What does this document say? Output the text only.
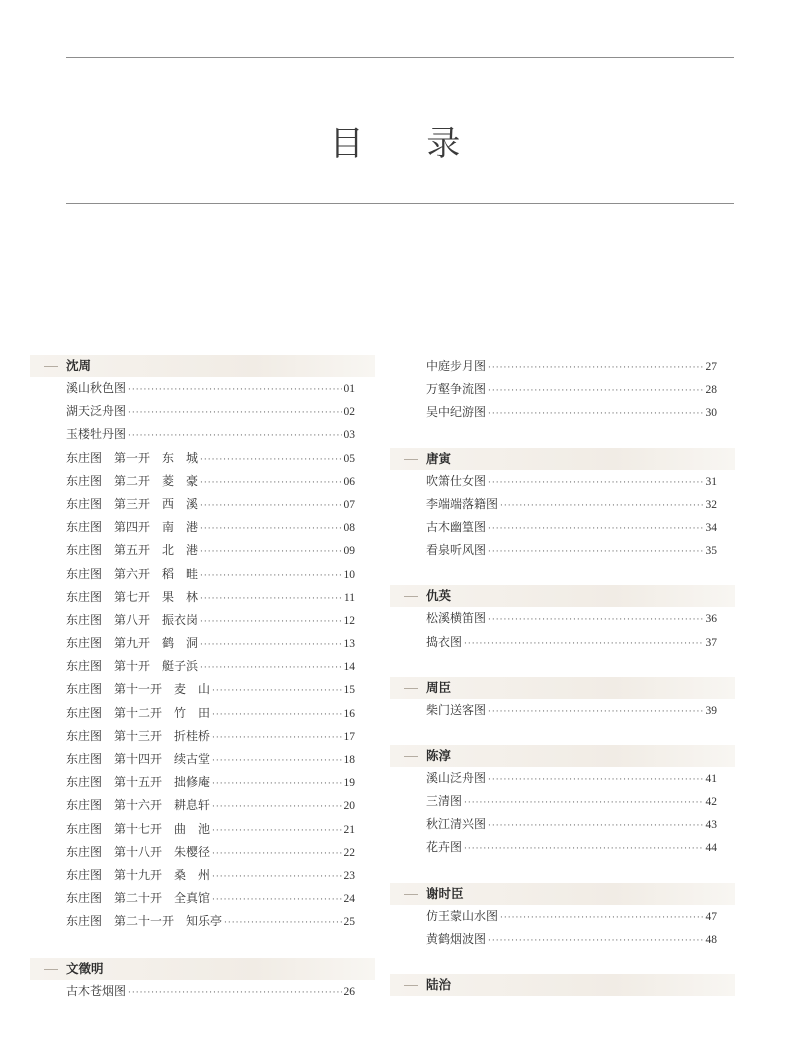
目 录
沈周
溪山秋色图 ·····	01
湖天泛舟图 ·····	02
玉楼牡丹图 ·····	03
东庄图　第一开　东　城 ·····	05
东庄图　第二开　菱　豪 ·····	06
东庄图　第三开　西　溪 ·····	07
东庄图　第四开　南　港 ·····	08
东庄图　第五开　北　港 ·····	09
东庄图　第六开　稻　畦 ·····	10
东庄图　第七开　果　林 ·····	11
东庄图　第八开　振衣岗 ·····	12
东庄图　第九开　鹤　洞 ·····	13
东庄图　第十开　艇子浜 ·····	14
东庄图　第十一开　麦　山 ·····	15
东庄图　第十二开　竹　田 ·····	16
东庄图　第十三开　折桂桥 ·····	17
东庄图　第十四开　续古堂 ·····	18
东庄图　第十五开　拙修庵 ·····	19
东庄图　第十六开　耕息轩 ·····	20
东庄图　第十七开　曲　池 ·····	21
东庄图　第十八开　朱樱径 ·····	22
东庄图　第十九开　桑　州 ·····	23
东庄图　第二十开　全真馆 ·····	24
东庄图　第二十一开　知乐亭 ·····	25
文徵明
古木苍烟图 ·····	26
中庭步月图 ·····	27
万壑争流图 ·····	28
吴中纪游图 ·····	30
唐寅
吹箫仕女图 ·····	31
李端端落籍图 ·····	32
古木幽篁图 ·····	34
看泉听风图 ·····	35
仇英
松溪横笛图 ·····	36
捣衣图 ·····	37
周臣
柴门送客图 ·····	39
陈淳
溪山泛舟图 ·····	41
三清图 ·····	42
秋江清兴图 ·····	43
花卉图 ·····	44
谢时臣
仿王蒙山水图 ·····	47
黄鹤烟波图 ·····	48
陆治
